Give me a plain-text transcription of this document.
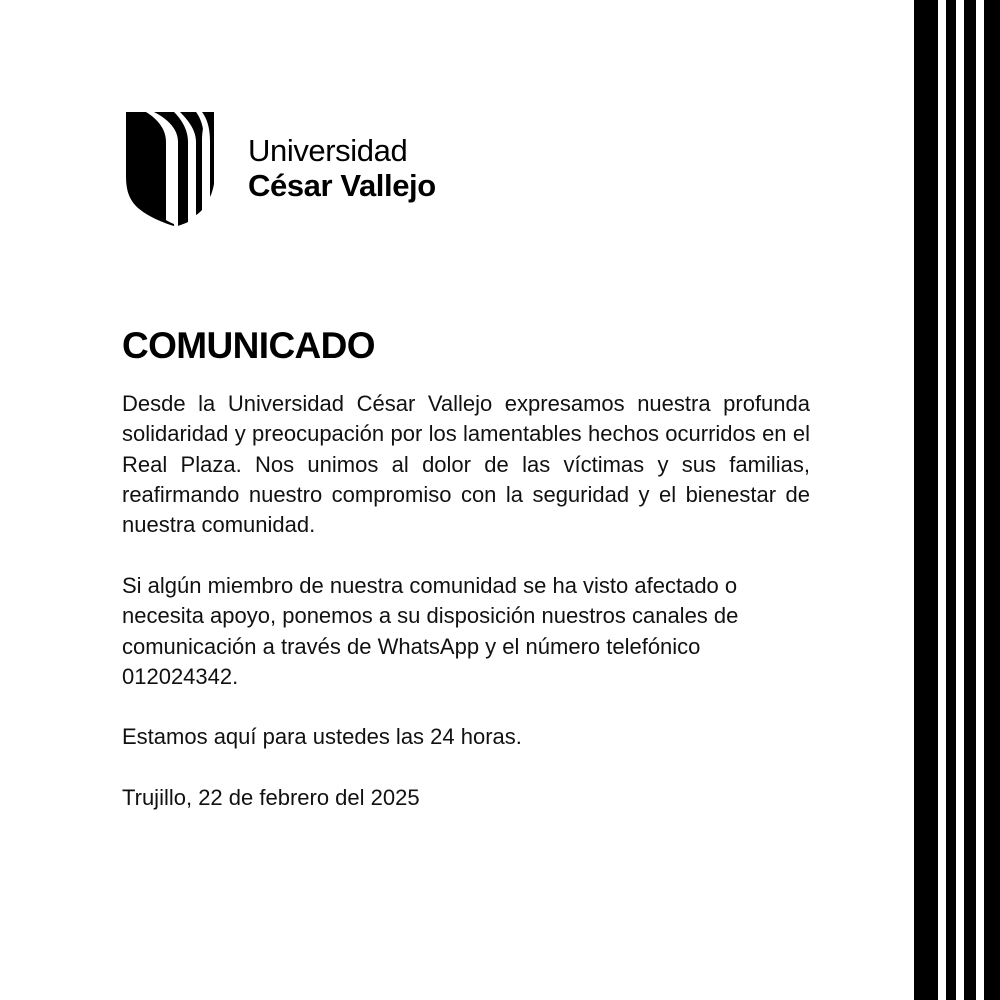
Universidad
César Vallejo
COMUNICADO

Desde la Universidad César Vallejo expresamos nuestra profunda solidaridad y preocupación por los lamentables hechos ocurridos en el Real Plaza. Nos unimos al dolor de las víctimas y sus familias, reafirmando nuestro compromiso con la seguridad y el bienestar de nuestra comunidad.

Si algún miembro de nuestra comunidad se ha visto afectado o necesita apoyo, ponemos a su disposición nuestros canales de comunicación a través de WhatsApp y el número telefónico 012024342.

Estamos aquí para ustedes las 24 horas.

Trujillo, 22 de febrero del 2025
